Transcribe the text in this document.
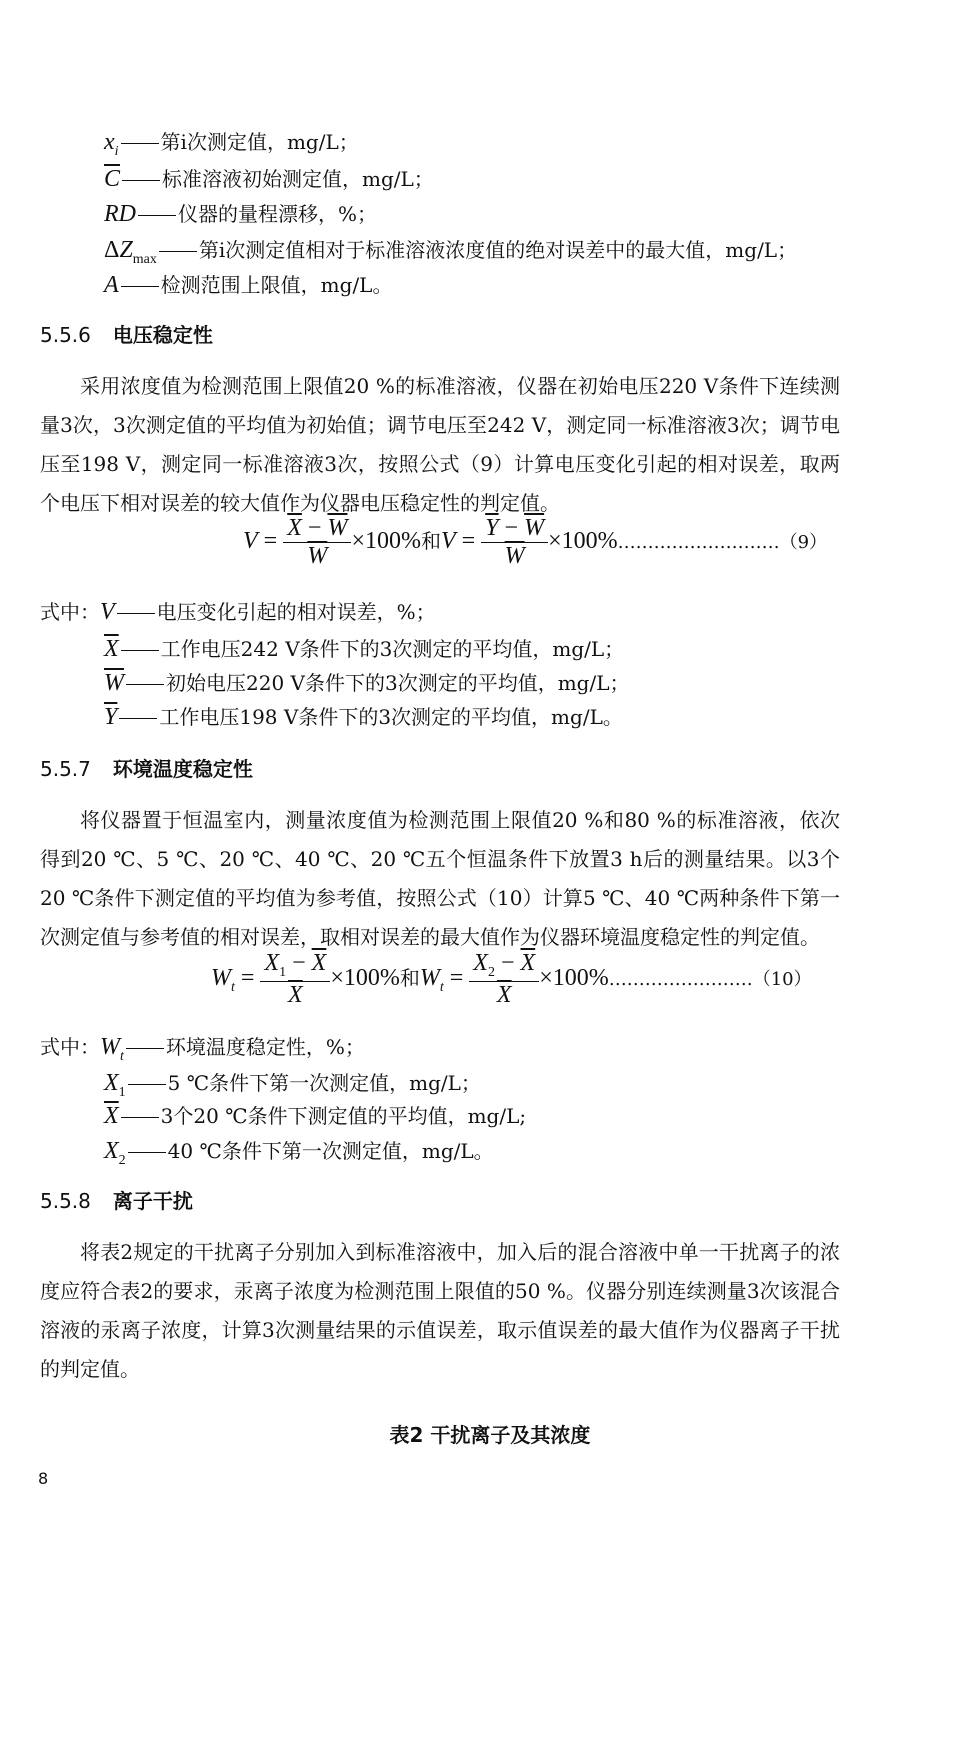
$x_i$ 第i次测定值，mg/L；
$\overline{C}$ 标准溶液初始测定值，mg/L；
RD 仪器的量程漂移，%；
$\Delta Z_{max}$ 第i次测定值相对于标准溶液浓度值的绝对误差中的最大值，mg/L；
A 检测范围上限值，mg/L。
5.5.6 电压稳定性
采用浓度值为检测范围上限值20 %的标准溶液，仪器在初始电压220 V条件下连续测量3次，3次测定值的平均值为初始值；调节电压至242 V，测定同一标准溶液3次；调节电压至198 V，测定同一标准溶液3次，按照公式（9）计算电压变化引起的相对误差，取两个电压下相对误差的较大值作为仪器电压稳定性的判定值。
$V = \frac{\overline{X} - \overline{W}}{W} \times 100\%$和$V = \frac{\overline{Y} - \overline{W}}{W}$ ×100%………………………（9）
式中：V 电压变化引起的相对误差，%；
$\overline{X}$ 工作电压242 V条件下的3次测定的平均值，mg/L；
$\overline{W}$ 初始电压220 V条件下的3次测定的平均值，mg/L；
$\overline{Y}$ 工作电压198 V条件下的3次测定的平均值，mg/L。
5.5.7 环境温度稳定性
将仪器置于恒温室内，测量浓度值为检测范围上限值20 %和80 %的标准溶液，依次得到20 ℃、5 ℃、20 ℃、40 ℃、20 ℃五个恒温条件下放置3 h后的测量结果。以3个20 ℃条件下测定值的平均值为参考值，按照公式（10）计算5 ℃、40 ℃两种条件下第一次测定值与参考值的相对误差，取相对误差的最大值作为仪器环境温度稳定性的判定值。
$W_t = \frac{X_1 - \overline{X}}{X} \times 100\%$和$W_t = \frac{X_2 - \overline{X}}{X}$ ×100%……………………（10）
式中：$W_t$ 环境温度稳定性，%；
$X_1$ 5 ℃条件下第一次测定值，mg/L；
$\overline{X}$ 3个20 ℃条件下测定值的平均值，mg/L;
$X_2$ 40 ℃条件下第一次测定值，mg/L。
5.5.8 离子干扰
将表2规定的干扰离子分别加入到标准溶液中，加入后的混合溶液中单一干扰离子的浓度应符合表2的要求，汞离子浓度为检测范围上限值的50 %。仪器分别连续测量3次该混合溶液的汞离子浓度，计算3次测量结果的示值误差，取示值误差的最大值作为仪器离子干扰的判定值。
表2 干扰离子及其浓度
8
